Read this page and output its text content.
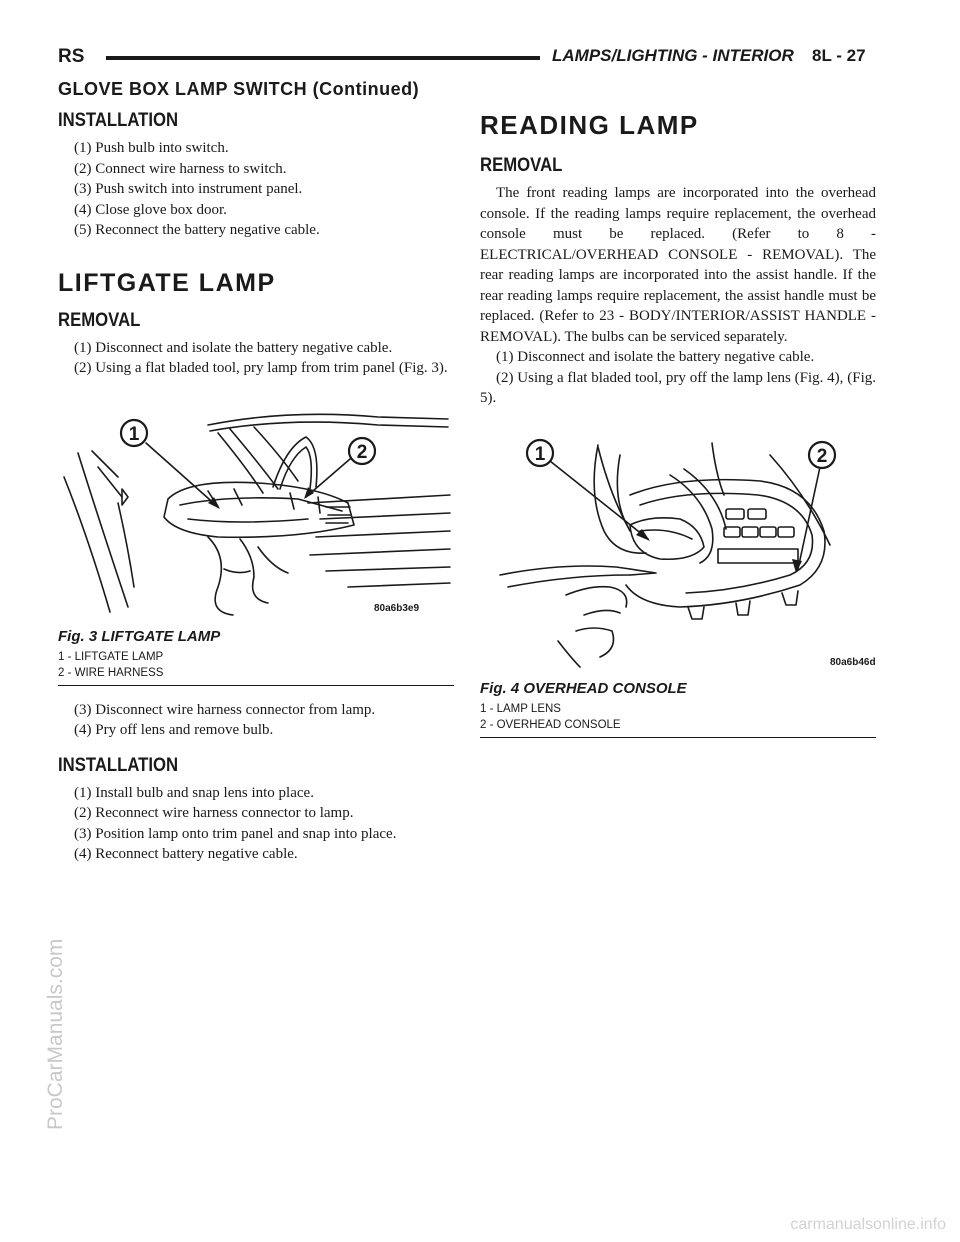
RS	LAMPS/LIGHTING - INTERIOR 8L - 27
GLOVE BOX LAMP SWITCH (Continued)
INSTALLATION

(1) Push bulb into switch.

(2) Connect wire harness to switch.

(3) Push switch into instrument panel.

(4) Close glove box door.

(5) Reconnect the battery negative cable.

LIFTGATE LAMP
REMOVAL

(1) Disconnect and isolate the battery negative cable.

(2) Using a flat bladed tool, pry lamp from trim panel (Fig. 3).

1
2
80a6b3e9

Fig. 3 LIFTGATE LAMP

1 - LIFTGATE LAMP

2 - WIRE HARNESS

(3) Disconnect wire harness connector from lamp.

(4) Pry off lens and remove bulb.

INSTALLATION

(1) Install bulb and snap lens into place.

(2) Reconnect wire harness connector to lamp.

(3) Position lamp onto trim panel and snap into place.

(4) Reconnect battery negative cable.

READING LAMP
REMOVAL

The front reading lamps are incorporated into the overhead console. If the reading lamps require replacement, the overhead console must be replaced. (Refer to 8 - ELECTRICAL/OVERHEAD CONSOLE - REMOVAL). The rear reading lamps are incorporated into the assist handle. If the rear reading lamps require replacement, the assist handle must be replaced. (Refer to 23 - BODY/INTERIOR/ASSIST HANDLE - REMOVAL). The bulbs can be serviced separately.

(1) Disconnect and isolate the battery negative cable.

(2) Using a flat bladed tool, pry off the lamp lens (Fig. 4), (Fig. 5).

1	2
80a6b46d

Fig. 4 OVERHEAD CONSOLE

1 - LAMP LENS

2 - OVERHEAD CONSOLE

ProCarManuals.com
carmanualsonline.info
